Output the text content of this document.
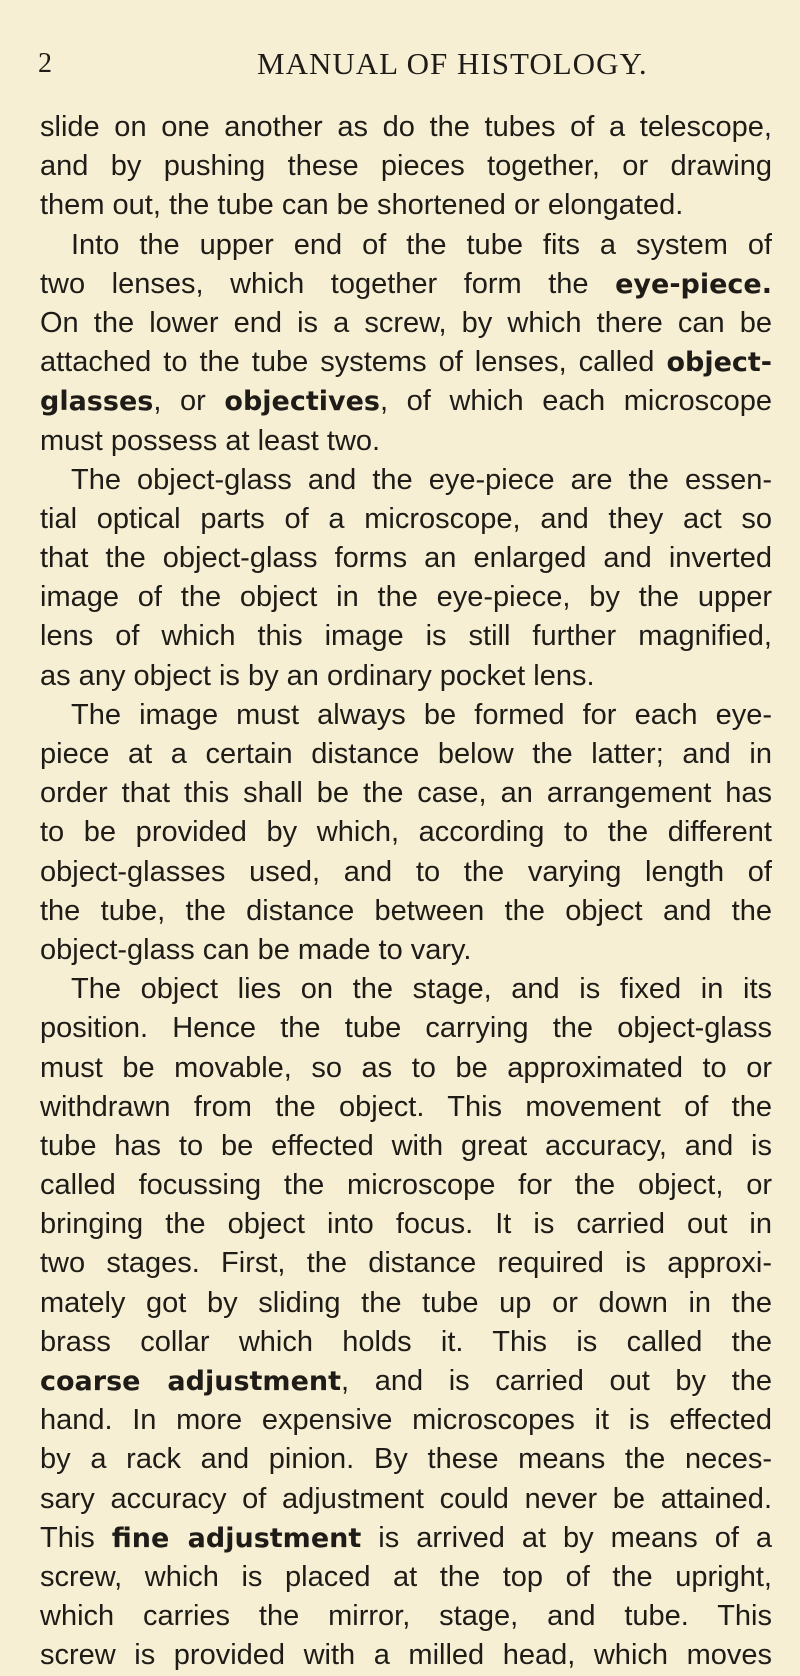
2	MANUAL OF HISTOLOGY.
slide on one another as do the tubes of a telescope,
and by pushing these pieces together, or drawing
them out, the tube can be shortened or elongated.
Into the upper end of the tube fits a system of
two lenses, which together form the eye-piece.
On the lower end is a screw, by which there can be
attached to the tube systems of lenses, called object-
glasses, or objectives, of which each microscope
must possess at least two.
The object-glass and the eye-piece are the essen-
tial optical parts of a microscope, and they act so
that the object-glass forms an enlarged and inverted
image of the object in the eye-piece, by the upper
lens of which this image is still further magnified,
as any object is by an ordinary pocket lens.
The image must always be formed for each eye-
piece at a certain distance below the latter; and in
order that this shall be the case, an arrangement has
to be provided by which, according to the different
object-glasses used, and to the varying length of
the tube, the distance between the object and the
object-glass can be made to vary.
The object lies on the stage, and is fixed in its
position. Hence the tube carrying the object-glass
must be movable, so as to be approximated to or
withdrawn from the object. This movement of the
tube has to be effected with great accuracy, and is
called focussing the microscope for the object, or
bringing the object into focus. It is carried out in
two stages. First, the distance required is approxi-
mately got by sliding the tube up or down in the
brass collar which holds it. This is called the
coarse adjustment, and is carried out by the
hand. In more expensive microscopes it is effected
by a rack and pinion. By these means the neces-
sary accuracy of adjustment could never be attained.
This fine adjustment is arrived at by means of a
screw, which is placed at the top of the upright,
which carries the mirror, stage, and tube. This
screw is provided with a milled head, which moves
